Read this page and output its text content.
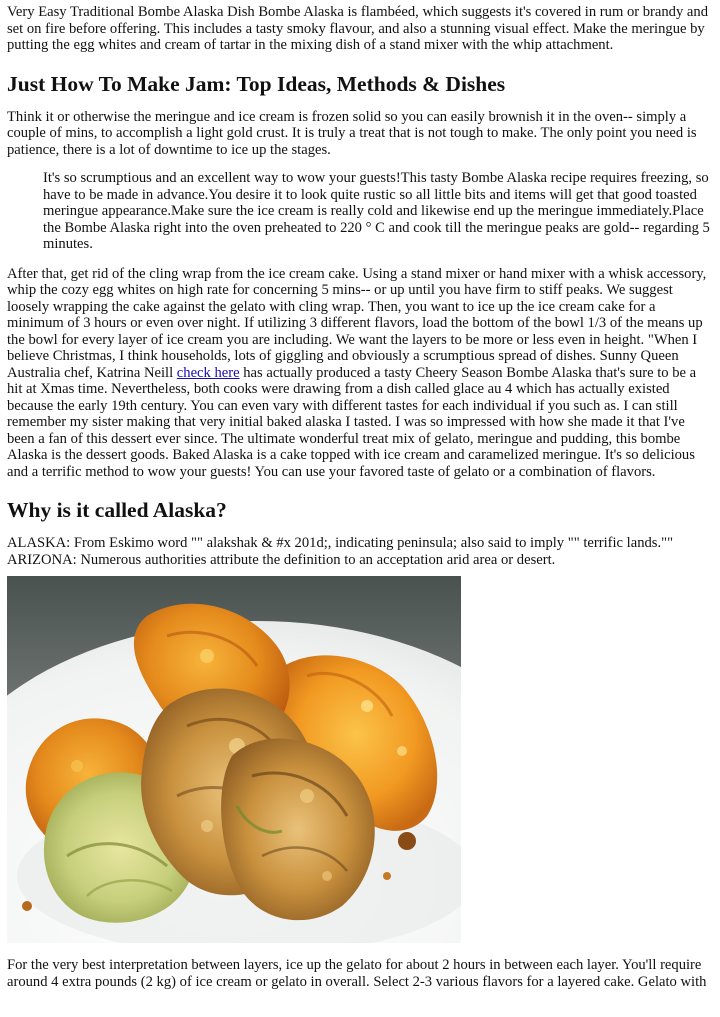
Very Easy Traditional Bombe Alaska Dish Bombe Alaska is flambéed, which suggests it's covered in rum or brandy and set on fire before offering. This includes a tasty smoky flavour, and also a stunning visual effect. Make the meringue by putting the egg whites and cream of tartar in the mixing dish of a stand mixer with the whip attachment.

Just How To Make Jam: Top Ideas, Methods & Dishes

Think it or otherwise the meringue and ice cream is frozen solid so you can easily brownish it in the oven-- simply a couple of mins, to accomplish a light gold crust. It is truly a treat that is not tough to make. The only point you need is patience, there is a lot of downtime to ice up the stages.

It's so scrumptious and an excellent way to wow your guests!This tasty Bombe Alaska recipe requires freezing, so have to be made in advance.You desire it to look quite rustic so all little bits and items will get that good toasted meringue appearance.Make sure the ice cream is really cold and likewise end up the meringue immediately.Place the Bombe Alaska right into the oven preheated to 220 ° C and cook till the meringue peaks are gold-- regarding 5 minutes.

After that, get rid of the cling wrap from the ice cream cake. Using a stand mixer or hand mixer with a whisk accessory, whip the cozy egg whites on high rate for concerning 5 mins-- or up until you have firm to stiff peaks. We suggest loosely wrapping the cake against the gelato with cling wrap. Then, you want to ice up the ice cream cake for a minimum of 3 hours or even over night. If utilizing 3 different flavors, load the bottom of the bowl 1/3 of the means up the bowl for every layer of ice cream you are including. We want the layers to be more or less even in height. "When I believe Christmas, I think households, lots of giggling and obviously a scrumptious spread of dishes. Sunny Queen Australia chef, Katrina Neill check here has actually produced a tasty Cheery Season Bombe Alaska that's sure to be a hit at Xmas time. Nevertheless, both cooks were drawing from a dish called glace au 4 which has actually existed because the early 19th century. You can even vary with different tastes for each individual if you such as. I can still remember my sister making that very initial baked alaska I tasted. I was so impressed with how she made it that I've been a fan of this dessert ever since. The ultimate wonderful treat mix of gelato, meringue and pudding, this bombe Alaska is the dessert goods. Baked Alaska is a cake topped with ice cream and caramelized meringue. It's so delicious and a terrific method to wow your guests! You can use your favored taste of gelato or a combination of flavors.

Why is it called Alaska?

ALASKA: From Eskimo word "" alakshak & #x 201d;, indicating peninsula; also said to imply "" terrific lands.""
ARIZONA: Numerous authorities attribute the definition to an acceptation arid area or desert.

For the very best interpretation between layers, ice up the gelato for about 2 hours in between each layer. You'll require around 4 extra pounds (2 kg) of ice cream or gelato in overall. Select 2-3 various flavors for a layered cake. Gelato with
